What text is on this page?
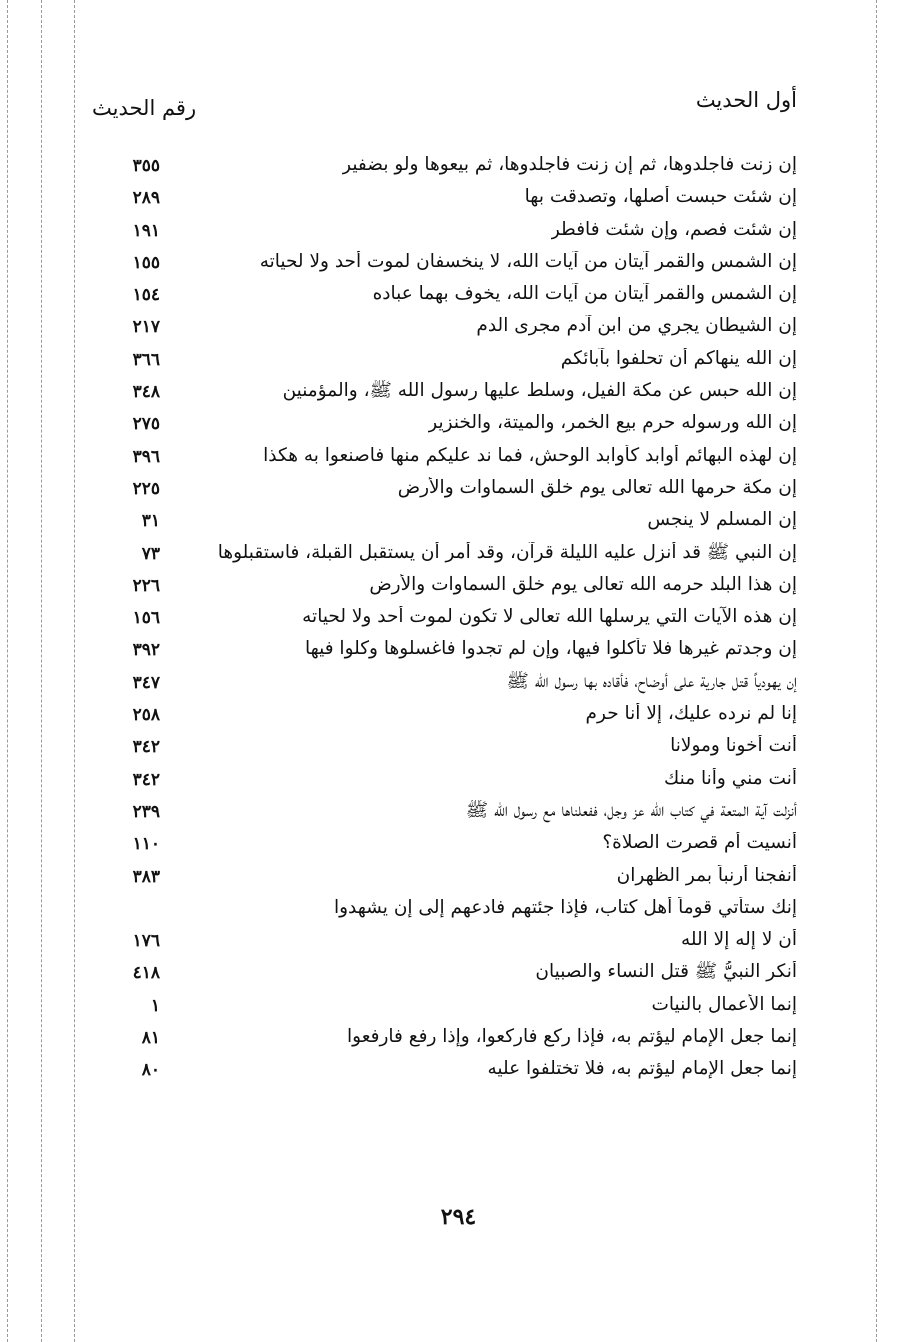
أول الحديث
رقم الحديث
إن زنت فاجلدوها، ثم إن زنت فاجلدوها، ثم بيعوها ولو بضفير
٣٥٥
إن شئت حبست أصلها، وتصدقت بها
٢٨٩
إن شئت فصم، وإن شئت فافطر
١٩١
إن الشمس والقمر آيتان من آيات الله، لا ينخسفان لموت أحد ولا لحياته
١٥٥
إن الشمس والقمر آيتان من آيات الله، يخوف بهما عباده
١٥٤
إن الشيطان يجري من ابن آدم مجرى الدم
٢١٧
إن الله ينهاكم أن تحلفوا بآبائكم
٣٦٦
إن الله حبس عن مكة الفيل، وسلط عليها رسول الله ﷺ، والمؤمنين
٣٤٨
إن الله ورسوله حرم بيع الخمر، والميتة، والخنزير
٢٧٥
إن لهذه البهائم أوابد كأوابد الوحش، فما ند عليكم منها فاصنعوا به هكذا
٣٩٦
إن مكة حرمها الله تعالى يوم خلق السماوات والأرض
٢٢٥
إن المسلم لا ينجس
٣١
إن النبي ﷺ قد أنزل عليه الليلة قرآن، وقد أمر أن يستقبل القبلة، فاستقبلوها
٧٣
إن هذا البلد حرمه الله تعالى يوم خلق السماوات والأرض
٢٢٦
إن هذه الآيات التي يرسلها الله تعالى لا تكون لموت أحد ولا لحياته
١٥٦
إن وجدتم غيرها فلا تأكلوا فيها، وإن لم تجدوا فاغسلوها وكلوا فيها
٣٩٢
إن يهودياً قتل جارية على أوضاح، فأقاده بها رسول الله ﷺ
٣٤٧
إنا لم نرده عليك، إلا أنا حرم
٢٥٨
أنت أخونا ومولانا
٣٤٢
أنت مني وأنا منك
٣٤٢
أنزلت آية المتعة في كتاب الله عز وجل، ففعلناها مع رسول الله ﷺ
٢٣٩
أنسيت أم قصرت الصلاة؟
١١٠
أنفجنا أرنباً بمر الظهران
٣٨٣
إنك ستأتي قوماً أهل كتاب، فإذا جئتهم فادعهم إلى إن يشهدوا
أن لا إله إلا الله
١٧٦
أنكر النبيُّ ﷺ قتل النساء والصبيان
٤١٨
إنما الأعمال بالنيات
١
إنما جعل الإمام ليؤتم به، فإذا ركع فاركعوا، وإذا رفع فارفعوا
٨١
إنما جعل الإمام ليؤتم به، فلا تختلفوا عليه
٨٠
٢٩٤
